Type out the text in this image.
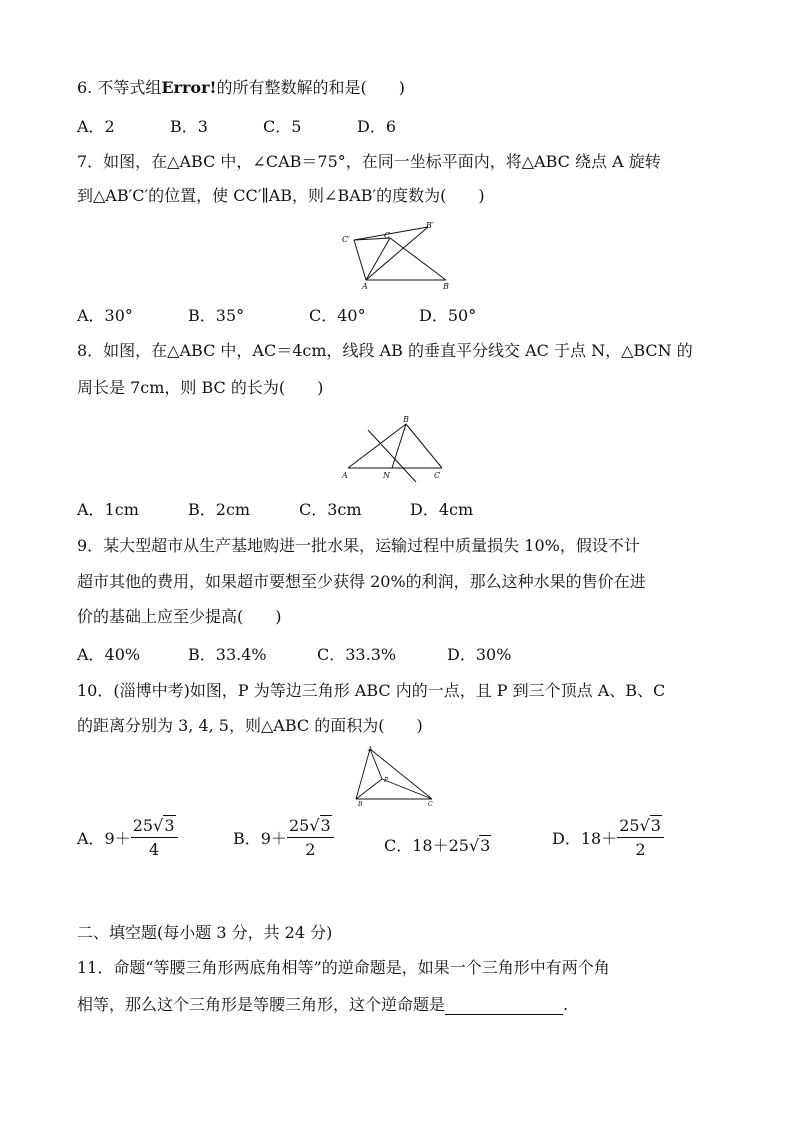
6. 不等式组Error!的所有整数解的和是(　　)
A．2	B．3	C．5	D．6
7．如图，在△ABC 中，∠CAB＝75°，在同一坐标平面内，将△ABC 绕点 A 旋转
到△AB′C′的位置，使 CC′∥AB，则∠BAB′的度数为(　　)
C′	C
B′
A	B
A．30°	B．35°	C．40°	D．50°
8．如图，在△ABC 中，AC＝4cm，线段 AB 的垂直平分线交 AC 于点 N，△BCN 的
周长是 7cm，则 BC 的长为(　　)
B
A	N	C
A．1cm	B．2cm	C．3cm	D．4cm
9．某大型超市从生产基地购进一批水果，运输过程中质量损失 10%，假设不计
超市其他的费用，如果超市要想至少获得 20%的利润，那么这种水果的售价在进
价的基础上应至少提高(　　)
A．40%	B．33.4%	C．33.3%	D．30%
10．(淄博中考)如图，P 为等边三角形 ABC 内的一点，且 P 到三个顶点 A、B、C
的距离分别为 3, 4, 5，则△ABC 的面积为(　　)
A
P
B	C
A．$9+ \frac{25√3}{4}$	B．$9+ \frac{25√3}{2}$	C．18＋25√3	D．$18+ \frac{25√3}{2}$
二、填空题(每小题 3 分，共 24 分)
11．命题“等腰三角形两底角相等”的逆命题是，如果一个三角形中有两个角
相等，那么这个三角形是等腰三角形，这个逆命题是	.
